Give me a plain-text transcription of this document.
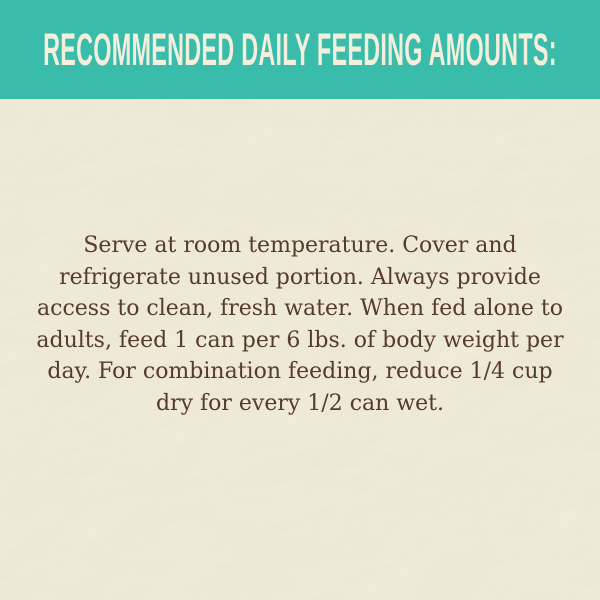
RECOMMENDED DAILY FEEDING AMOUNTS:

Serve at room temperature. Cover and

refrigerate unused portion. Always provide

access to clean, fresh water. When fed alone to

adults, feed 1 can per 6 lbs. of body weight per

day. For combination feeding, reduce 1/4 cup

dry for every 1/2 can wet.
